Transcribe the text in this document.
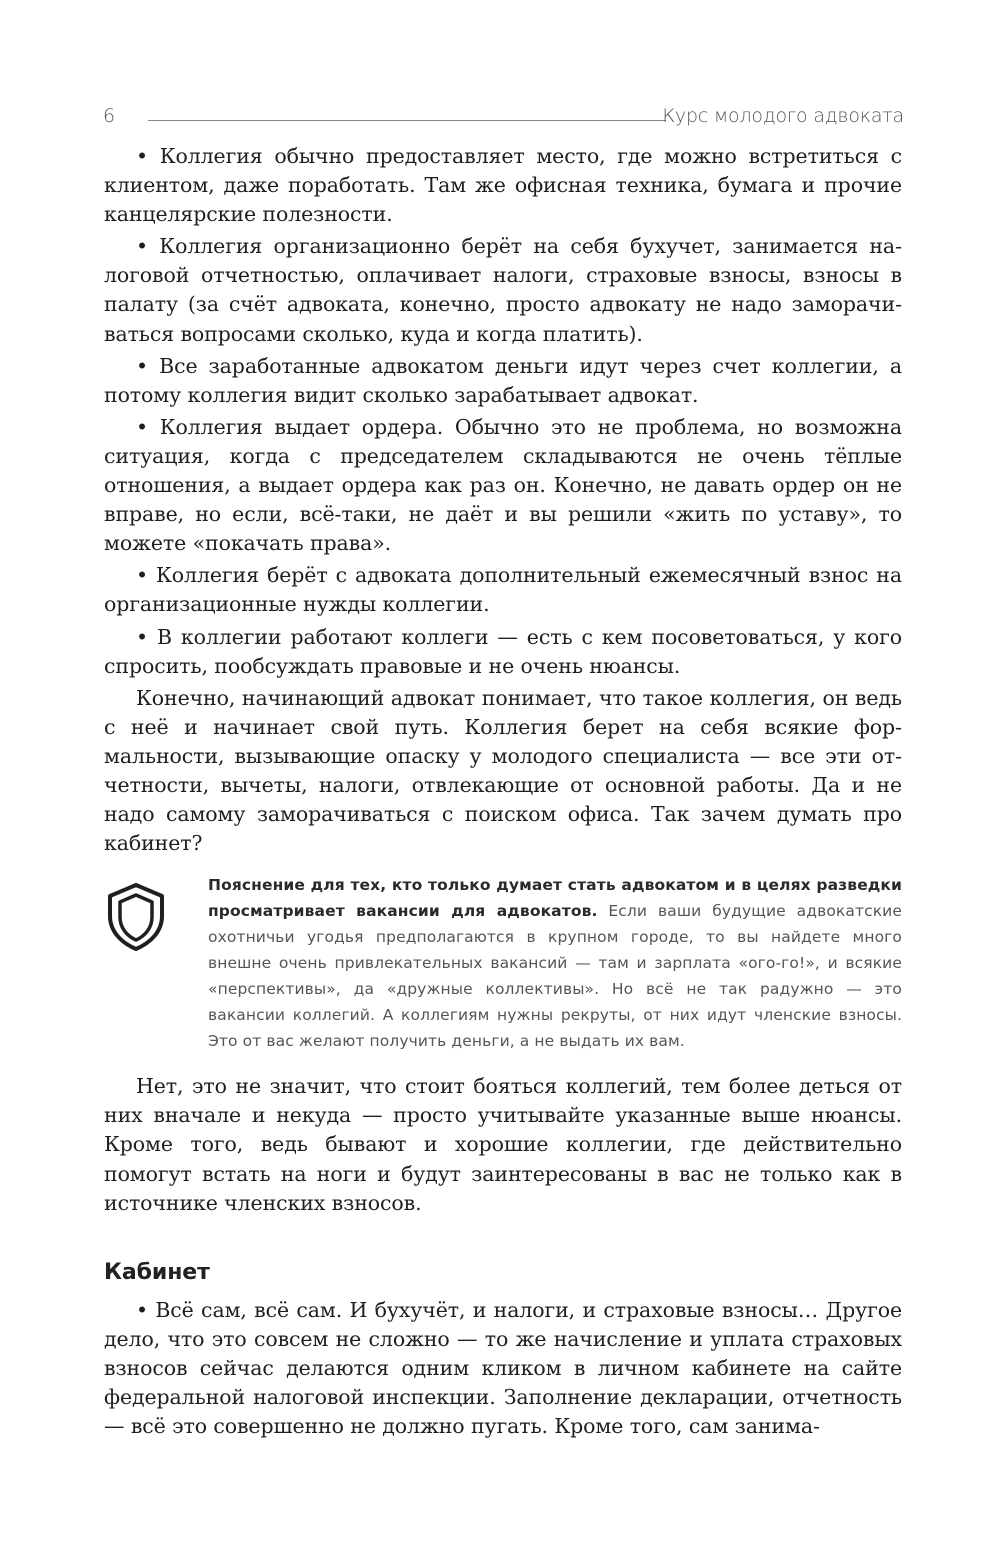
6	Курс молодого адвоката

• Коллегия обычно предоставляет место, где можно встретиться с клиентом, даже поработать. Там же офисная техника, бумага и прочие канцелярские полезности.

• Коллегия организационно берёт на себя бухучет, занимается налоговой отчетностью, оплачивает налоги, страховые взносы, взносы в палату (за счёт адвоката, конечно, просто адвокату не надо заморачиваться вопросами сколько, куда и когда платить).

• Все заработанные адвокатом деньги идут через счет коллегии, а потому коллегия видит сколько зарабатывает адвокат.

• Коллегия выдает ордера. Обычно это не проблема, но возможна ситуация, когда с председателем складываются не очень тёплые отношения, а выдает ордера как раз он. Конечно, не давать ордер он не вправе, но если, всё-таки, не даёт и вы решили «жить по уставу», то можете «покачать права».

• Коллегия берёт с адвоката дополнительный ежемесячный взнос на организационные нужды коллегии.

• В коллегии работают коллеги — есть с кем посоветоваться, у кого спросить, пообсуждать правовые и не очень нюансы.

Конечно, начинающий адвокат понимает, что такое коллегия, он ведь с неё и начинает свой путь. Коллегия берет на себя всякие формальности, вызывающие опаску у молодого специалиста — все эти отчетности, вычеты, налоги, отвлекающие от основной работы. Да и не надо самому заморачиваться с поиском офиса. Так зачем думать про кабинет?

Пояснение для тех, кто только думает стать адвокатом и в целях разведки просматривает вакансии для адвокатов. Если ваши будущие адвокатские охотничьи угодья предполагаются в крупном городе, то вы найдете много внешне очень привлекательных вакансий — там и зарплата «ого-го!», и всякие «перспективы», да «дружные коллективы». Но всё не так радужно — это вакансии коллегий. А коллегиям нужны рекруты, от них идут членские взносы. Это от вас желают получить деньги, а не выдать их вам.

Нет, это не значит, что стоит бояться коллегий, тем более деться от них вначале и некуда — просто учитывайте указанные выше нюансы. Кроме того, ведь бывают и хорошие коллегии, где действительно помогут встать на ноги и будут заинтересованы в вас не только как в источнике членских взносов.

Кабинет

• Всё сам, всё сам. И бухучёт, и налоги, и страховые взносы… Другое дело, что это совсем не сложно — то же начисление и уплата страховых взносов сейчас делаются одним кликом в личном кабинете на сайте федеральной налоговой инспекции. Заполнение декларации, отчетность — всё это совершенно не должно пугать. Кроме того, сам занима-
